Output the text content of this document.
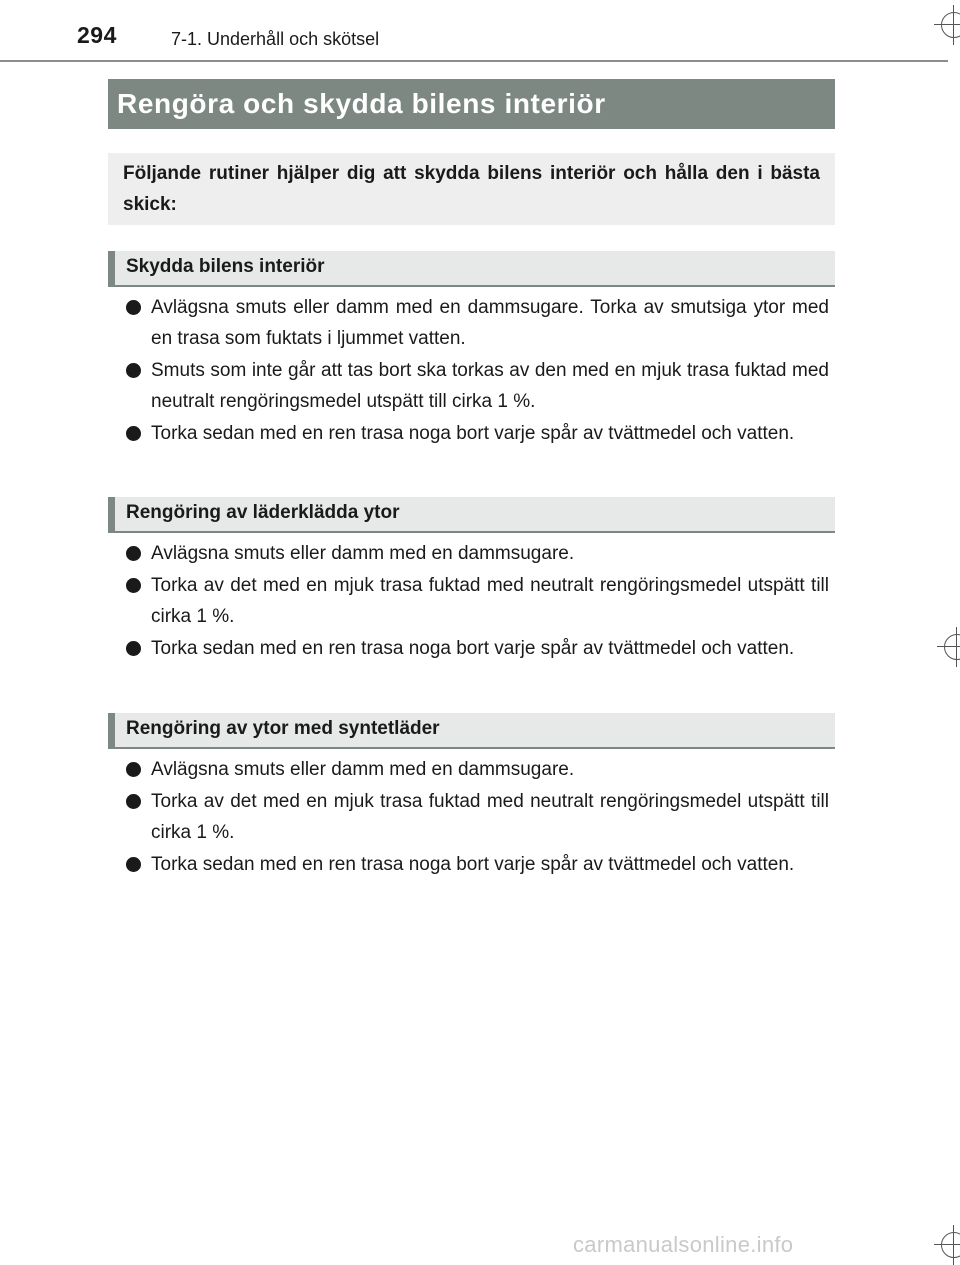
294	7-1. Underhåll och skötsel
Rengöra och skydda bilens interiör
Följande rutiner hjälper dig att skydda bilens interiör och hålla den i bästa skick:
Skydda bilens interiör
Avlägsna smuts eller damm med en dammsugare. Torka av smutsiga ytor med en trasa som fuktats i ljummet vatten.
Smuts som inte går att tas bort ska torkas av den med en mjuk trasa fuktad med neutralt rengöringsmedel utspätt till cirka 1 %.
Torka sedan med en ren trasa noga bort varje spår av tvättmedel och vatten.
Rengöring av läderklädda ytor
Avlägsna smuts eller damm med en dammsugare.
Torka av det med en mjuk trasa fuktad med neutralt rengöringsmedel utspätt till cirka 1 %.
Torka sedan med en ren trasa noga bort varje spår av tvättmedel och vatten.
Rengöring av ytor med syntetläder
Avlägsna smuts eller damm med en dammsugare.
Torka av det med en mjuk trasa fuktad med neutralt rengöringsmedel utspätt till cirka 1 %.
Torka sedan med en ren trasa noga bort varje spår av tvättmedel och vatten.
carmanualsonline.info
